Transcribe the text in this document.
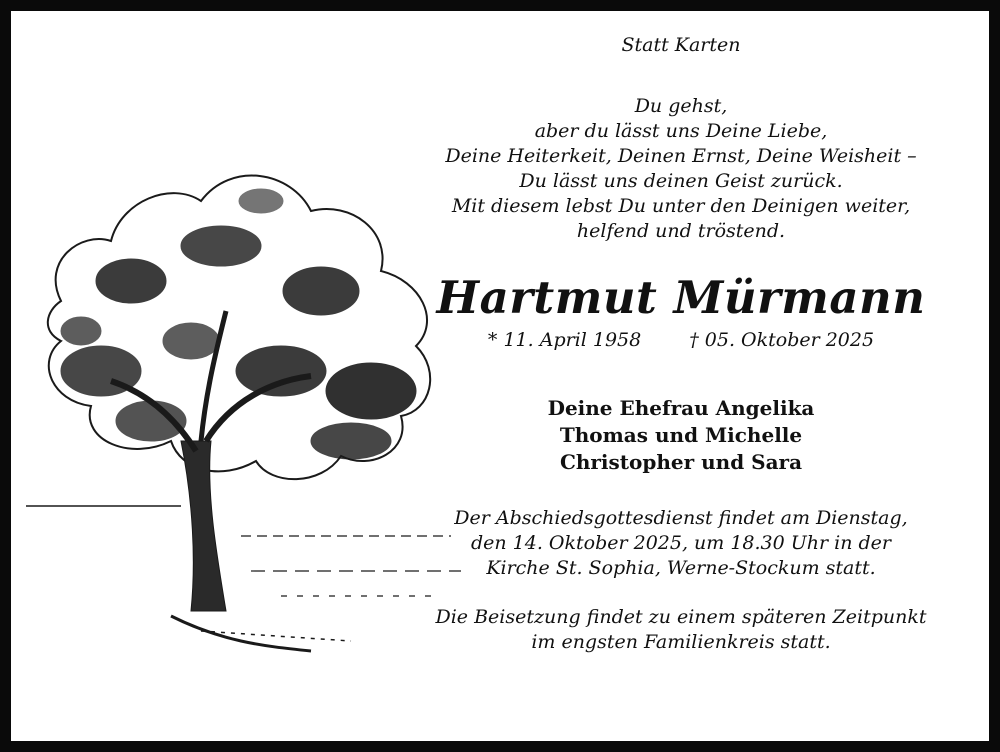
Statt Karten
Du gehst,
aber du lässt uns Deine Liebe,
Deine Heiterkeit, Deinen Ernst, Deine Weisheit –
Du lässt uns deinen Geist zurück.
Mit diesem lebst Du unter den Deinigen weiter,
helfend und tröstend.
Hartmut Mürmann
* 11. April 1958	† 05. Oktober 2025
Deine Ehefrau Angelika
Thomas und Michelle
Christopher und Sara
Der Abschiedsgottesdienst findet am Dienstag,
den 14. Oktober 2025, um 18.30 Uhr in der
Kirche St. Sophia, Werne-Stockum statt.
Die Beisetzung findet zu einem späteren Zeitpunkt
im engsten Familienkreis statt.
